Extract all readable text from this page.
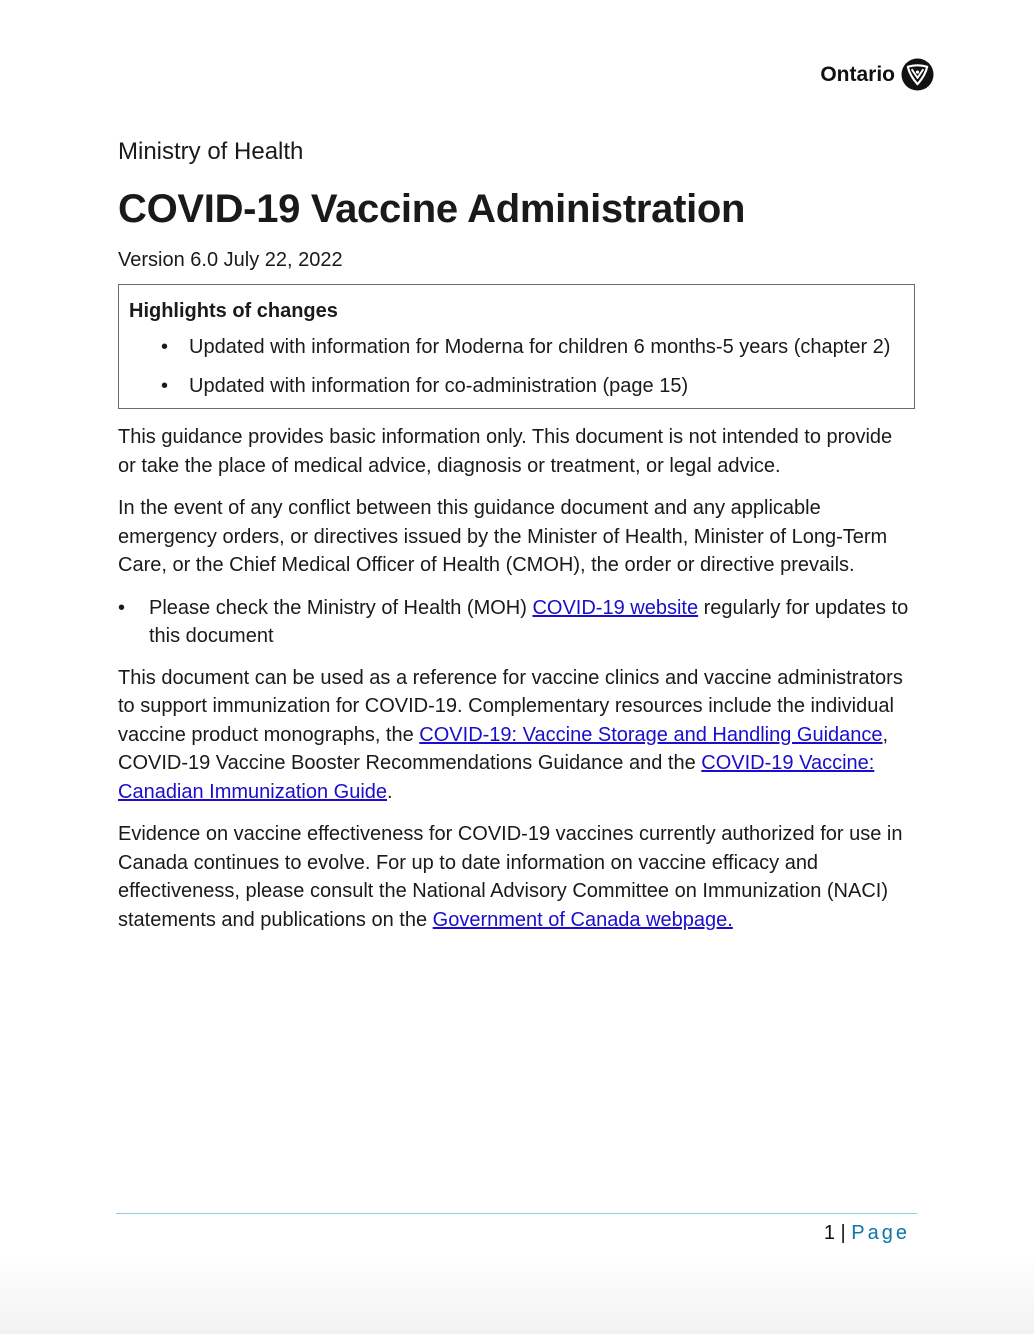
Ontario

Ministry of Health

COVID-19 Vaccine Administration

Version 6.0 July 22, 2022

Highlights of changes
• Updated with information for Moderna for children 6 months-5 years (chapter 2)
• Updated with information for co-administration (page 15)

This guidance provides basic information only. This document is not intended to provide or take the place of medical advice, diagnosis or treatment, or legal advice.

In the event of any conflict between this guidance document and any applicable emergency orders, or directives issued by the Minister of Health, Minister of Long-Term Care, or the Chief Medical Officer of Health (CMOH), the order or directive prevails.

• Please check the Ministry of Health (MOH) COVID-19 website regularly for updates to this document

This document can be used as a reference for vaccine clinics and vaccine administrators to support immunization for COVID-19. Complementary resources include the individual vaccine product monographs, the COVID-19: Vaccine Storage and Handling Guidance, COVID-19 Vaccine Booster Recommendations Guidance and the COVID-19 Vaccine: Canadian Immunization Guide.

Evidence on vaccine effectiveness for COVID-19 vaccines currently authorized for use in Canada continues to evolve. For up to date information on vaccine efficacy and effectiveness, please consult the National Advisory Committee on Immunization (NACI) statements and publications on the Government of Canada webpage.

1 | Page
